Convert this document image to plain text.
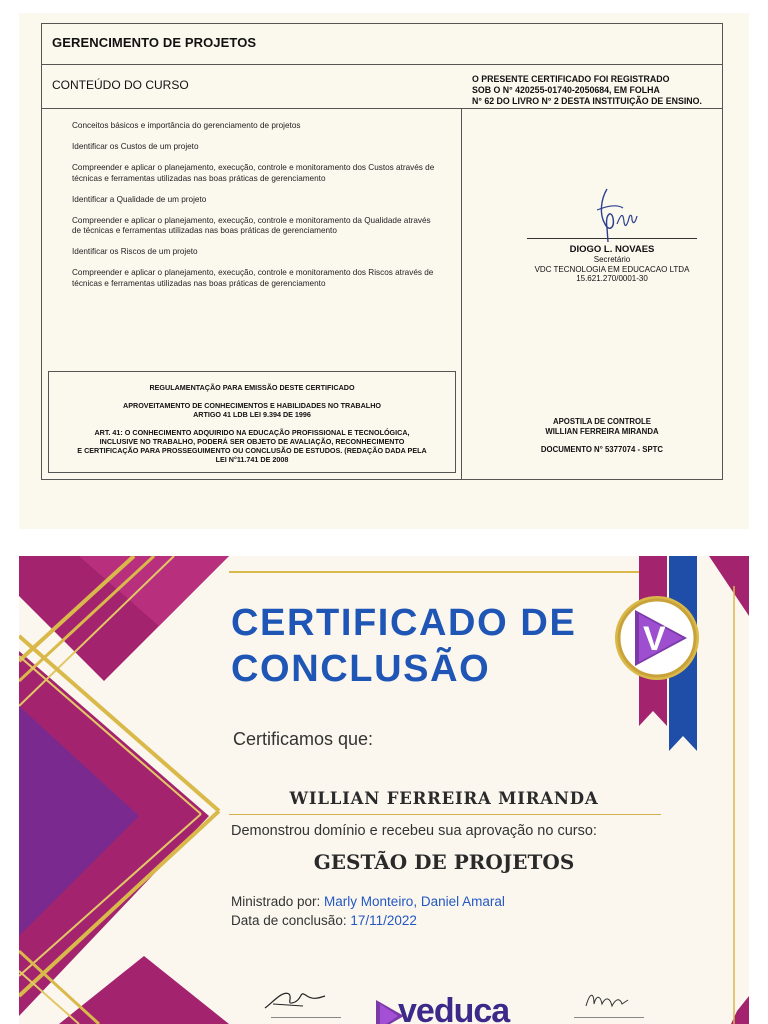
GERENCIMENTO DE PROJETOS
CONTEÚDO DO CURSO	O PRESENTE CERTIFICADO FOI REGISTRADO
SOB O N° 420255-01740-2050684, EM FOLHA
N° 62 DO LIVRO N° 2 DESTA INSTITUIÇÃO DE ENSINO.
Conceitos básicos e importância do gerenciamento de projetos
Identificar os Custos de um projeto
Compreender e aplicar o planejamento, execução, controle e monitoramento dos Custos através de técnicas e ferramentas utilizadas nas boas práticas de gerenciamento
Identificar a Qualidade de um projeto
Compreender e aplicar o planejamento, execução, controle e monitoramento da Qualidade através de técnicas e ferramentas utilizadas nas boas práticas de gerenciamento
Identificar os Riscos de um projeto
Compreender e aplicar o planejamento, execução, controle e monitoramento dos Riscos através de técnicas e ferramentas utilizadas nas boas práticas de gerenciamento
REGULAMENTAÇÃO PARA EMISSÃO DESTE CERTIFICADO
APROVEITAMENTO DE CONHECIMENTOS E HABILIDADES NO TRABALHO
ARTIGO 41 LDB LEI 9.394 DE 1996
ART. 41: O CONHECIMENTO ADQUIRIDO NA EDUCAÇÃO PROFISSIONAL E TECNOLÓGICA,
INCLUSIVE NO TRABALHO, PODERÁ SER OBJETO DE AVALIAÇÃO, RECONHECIMENTO
E CERTIFICAÇÃO PARA PROSSEGUIMENTO OU CONCLUSÃO DE ESTUDOS. (REDAÇÃO DADA PELA
LEI N°11.741 DE 2008
DIOGO L. NOVAES
Secretário
VDC TECNOLOGIA EM EDUCACAO LTDA
15.621.270/0001-30
APOSTILA DE CONTROLE
WILLIAN FERREIRA MIRANDA
DOCUMENTO N° 5377074 - SPTC
V
CERTIFICADO DE
CONCLUSÃO
Certificamos que:
WILLIAN FERREIRA MIRANDA
Demonstrou domínio e recebeu sua aprovação no curso:
GESTÃO DE PROJETOS
Ministrado por: Marly Monteiro, Daniel Amaral
Data de conclusão: 17/11/2022
veduca
